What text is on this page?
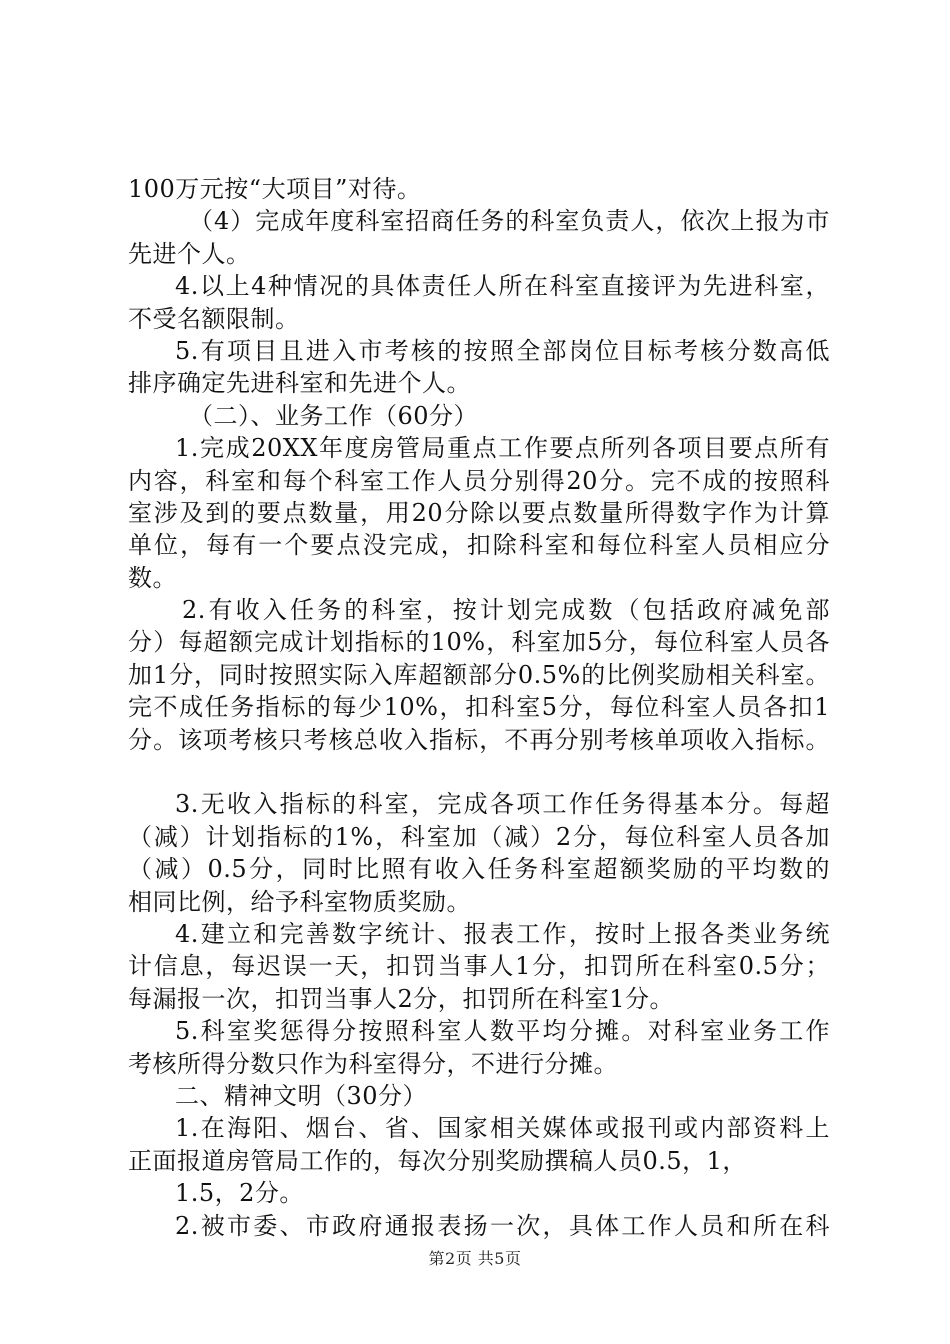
100万元按“大项目”对待。
（4）完成年度科室招商任务的科室负责人，依次上报为市
先进个人。
4.以上4种情况的具体责任人所在科室直接评为先进科室，
不受名额限制。
5.有项目且进入市考核的按照全部岗位目标考核分数高低
排序确定先进科室和先进个人。
（二）、业务工作（60分）
1.完成20XX年度房管局重点工作要点所列各项目要点所有
内容，科室和每个科室工作人员分别得20分。完不成的按照科
室涉及到的要点数量，用20分除以要点数量所得数字作为计算
单位，每有一个要点没完成，扣除科室和每位科室人员相应分
数。
2.有收入任务的科室，按计划完成数（包括政府减免部
分）每超额完成计划指标的10%，科室加5分，每位科室人员各
加1分，同时按照实际入库超额部分0.5%的比例奖励相关科室。
完不成任务指标的每少10%，扣科室5分，每位科室人员各扣1
分。该项考核只考核总收入指标，不再分别考核单项收入指标。
3.无收入指标的科室，完成各项工作任务得基本分。每超
（减）计划指标的1%，科室加（减）2分，每位科室人员各加
（减）0.5分，同时比照有收入任务科室超额奖励的平均数的
相同比例，给予科室物质奖励。
4.建立和完善数字统计、报表工作，按时上报各类业务统
计信息，每迟误一天，扣罚当事人1分，扣罚所在科室0.5分；
每漏报一次，扣罚当事人2分，扣罚所在科室1分。
5.科室奖惩得分按照科室人数平均分摊。对科室业务工作
考核所得分数只作为科室得分，不进行分摊。
二、精神文明（30分）
1.在海阳、烟台、省、国家相关媒体或报刊或内部资料上
正面报道房管局工作的，每次分别奖励撰稿人员0.5，1，
1.5，2分。
2.被市委、市政府通报表扬一次，具体工作人员和所在科
第2页 共5页
